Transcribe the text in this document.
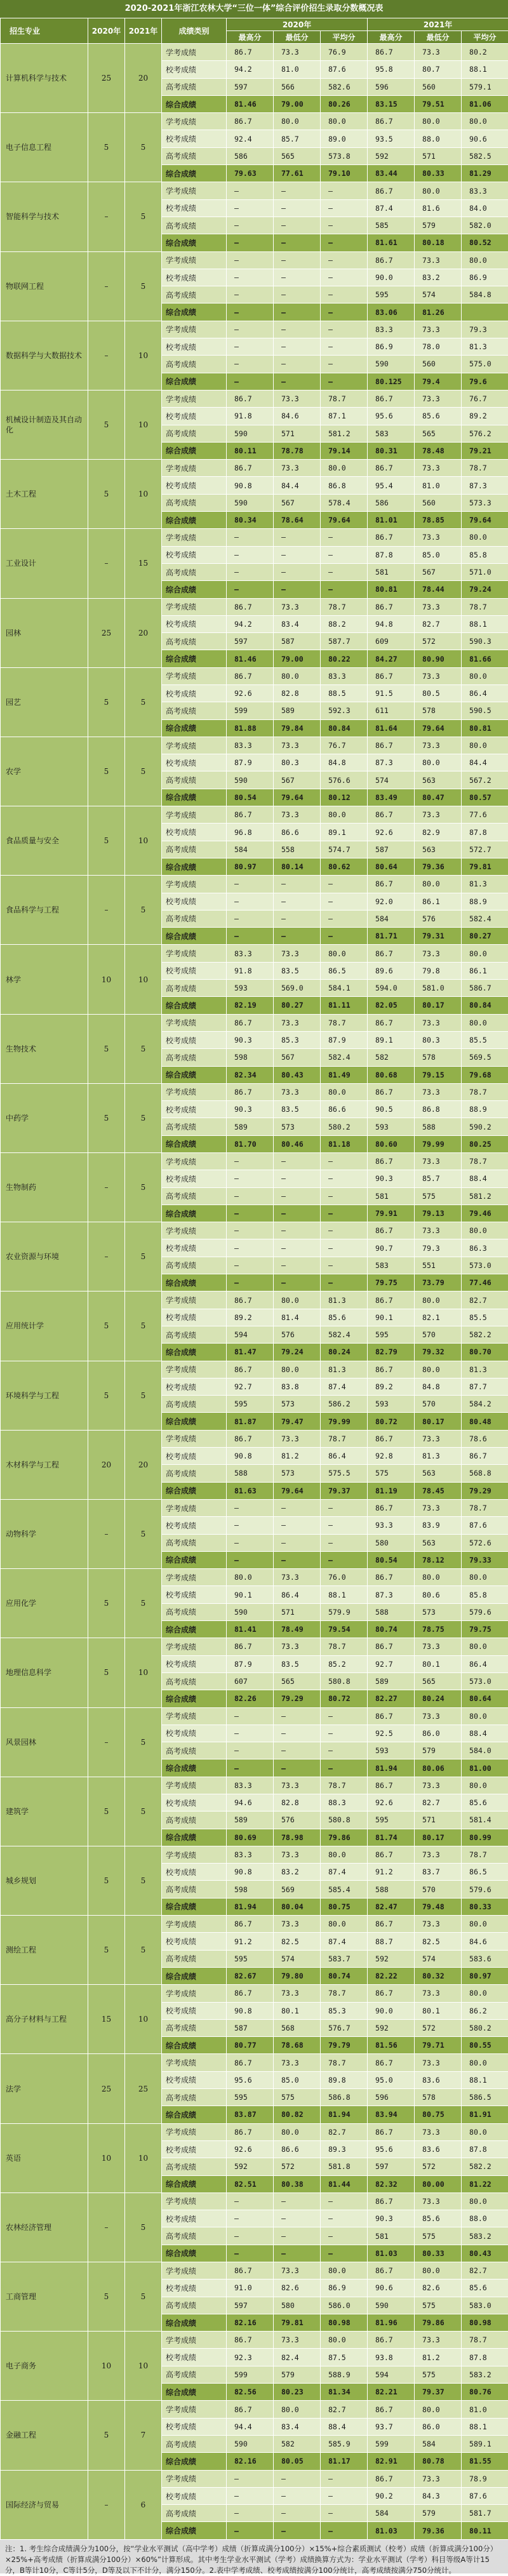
2020-2021年浙江农林大学“三位一体”综合评价招生录取分数概况表
招生专业	2020年	2021年	成绩类别	2020年			2021年		
				最高分	最低分	平均分	最高分	最低分	平均分
计算机科学与技术	25	20	学考成绩	86.7	73.3	76.9	86.7	73.3	80.2
			校考成绩	94.2	81.0	87.6	95.8	80.7	88.1
			高考成绩	597	566	582.6	596	560	579.1
			综合成绩	81.46	79.00	80.26	83.15	79.51	81.06
电子信息工程	5	5	学考成绩	86.7	80.0	80.0	86.7	80.0	80.0
			校考成绩	92.4	85.7	89.0	93.5	88.0	90.6
			高考成绩	586	565	573.8	592	571	582.5
			综合成绩	79.63	77.61	79.10	83.44	80.33	81.29
智能科学与技术	–	5	学考成绩	–	–	–	86.7	80.0	83.3
			校考成绩	–	–	–	87.4	81.6	84.0
			高考成绩	–	–	–	585	579	582.0
			综合成绩	–	–	–	81.61	80.18	80.52
物联网工程	–	5	学考成绩	–	–	–	86.7	73.3	80.0
			校考成绩	–	–	–	90.0	83.2	86.9
			高考成绩	–	–	–	595	574	584.8
			综合成绩	–	–	–	83.06	81.26	
数据科学与大数据技术	–	10	学考成绩	–	–	–	83.3	73.3	79.3
			校考成绩	–	–	–	86.9	78.0	81.3
			高考成绩	–	–	–	590	560	575.0
			综合成绩	–	–	–	80.125	79.4	79.6
机械设计制造及其自动化	5	10	学考成绩	86.7	73.3	78.7	86.7	73.3	76.7
			校考成绩	91.8	84.6	87.1	95.6	85.6	89.2
			高考成绩	590	571	581.2	583	565	576.2
			综合成绩	80.11	78.78	79.14	80.31	78.48	79.21
土木工程	5	10	学考成绩	86.7	73.3	80.0	86.7	73.3	78.7
			校考成绩	90.8	84.4	86.8	95.4	81.0	87.3
			高考成绩	590	567	578.4	586	560	573.3
			综合成绩	80.34	78.64	79.64	81.01	78.85	79.64
工业设计	–	15	学考成绩	–	–	–	86.7	73.3	80.0
			校考成绩	–	–	–	87.8	85.0	85.8
			高考成绩	–	–	–	581	567	571.0
			综合成绩	–	–	–	80.81	78.44	79.24
园林	25	20	学考成绩	86.7	73.3	78.7	86.7	73.3	78.7
			校考成绩	94.2	83.4	88.2	94.8	82.7	88.1
			高考成绩	597	587	587.7	609	572	590.3
			综合成绩	81.46	79.00	80.22	84.27	80.90	81.66
园艺	5	5	学考成绩	86.7	80.0	83.3	86.7	73.3	80.0
			校考成绩	92.6	82.8	88.5	91.5	80.5	86.4
			高考成绩	599	589	592.3	611	578	590.5
			综合成绩	81.88	79.84	80.84	81.64	79.64	80.81
农学	5	5	学考成绩	83.3	73.3	76.7	86.7	73.3	80.0
			校考成绩	87.9	80.3	84.8	87.3	80.0	84.4
			高考成绩	590	567	576.6	574	563	567.2
			综合成绩	80.54	79.64	80.12	83.49	80.47	80.57
食品质量与安全	5	10	学考成绩	86.7	73.3	80.0	86.7	73.3	77.6
			校考成绩	96.8	86.6	89.1	92.6	82.9	87.8
			高考成绩	584	558	574.7	587	563	572.7
			综合成绩	80.97	80.14	80.62	80.64	79.36	79.81
食品科学与工程	–	5	学考成绩	–	–	–	86.7	80.0	81.3
			校考成绩	–	–	–	92.0	86.1	88.9
			高考成绩	–	–	–	584	576	582.4
			综合成绩	–	–	–	81.71	79.31	80.27
林学	10	10	学考成绩	83.3	73.3	80.0	86.7	73.3	80.0
			校考成绩	91.8	83.5	86.5	89.6	79.8	86.1
			高考成绩	593	569.0	584.1	594.0	581.0	586.7
			综合成绩	82.19	80.27	81.11	82.05	80.17	80.84
生物技术	5	5	学考成绩	86.7	73.3	78.7	86.7	73.3	80.0
			校考成绩	90.3	85.3	87.9	89.1	80.3	85.5
			高考成绩	598	567	582.4	582	578	569.5
			综合成绩	82.34	80.43	81.49	80.68	79.15	79.68
中药学	5	5	学考成绩	86.7	73.3	80.0	86.7	73.3	78.7
			校考成绩	90.3	83.5	86.6	90.5	86.8	88.9
			高考成绩	589	573	580.2	593	588	590.2
			综合成绩	81.70	80.46	81.18	80.60	79.99	80.25
生物制药	–	5	学考成绩	–	–	–	86.7	73.3	78.7
			校考成绩	–	–	–	90.3	85.7	88.4
			高考成绩	–	–	–	581	575	581.2
			综合成绩	–	–	–	79.91	79.13	79.46
农业资源与环境	–	5	学考成绩	–	–	–	86.7	73.3	80.0
			校考成绩	–	–	–	90.7	79.3	86.3
			高考成绩	–	–	–	583	551	573.0
			综合成绩	–	–	–	79.75	73.79	77.46
应用统计学	5	5	学考成绩	86.7	80.0	81.3	86.7	80.0	82.7
			校考成绩	89.2	81.4	85.6	90.1	82.1	85.5
			高考成绩	594	576	582.4	595	570	582.2
			综合成绩	81.47	79.24	80.24	82.79	79.32	80.70
环境科学与工程	5	5	学考成绩	86.7	80.0	81.3	86.7	80.0	81.3
			校考成绩	92.7	83.8	87.4	89.2	84.8	87.7
			高考成绩	595	573	586.2	593	570	584.2
			综合成绩	81.87	79.47	79.99	80.72	80.17	80.48
木材科学与工程	20	20	学考成绩	86.7	73.3	78.7	86.7	73.3	78.6
			校考成绩	90.8	81.2	86.4	92.8	81.3	86.7
			高考成绩	588	573	575.5	575	563	568.8
			综合成绩	81.63	79.64	79.37	81.19	78.45	79.29
动物科学	–	5	学考成绩	–	–	–	86.7	73.3	78.7
			校考成绩	–	–	–	93.3	83.9	87.6
			高考成绩	–	–	–	580	563	572.6
			综合成绩	–	–	–	80.54	78.12	79.33
应用化学	5	5	学考成绩	80.0	73.3	76.0	86.7	80.0	80.0
			校考成绩	90.1	86.4	88.1	87.3	80.6	85.8
			高考成绩	590	571	579.9	588	573	579.6
			综合成绩	81.41	78.49	79.54	80.74	78.75	79.75
地理信息科学	5	10	学考成绩	86.7	73.3	78.7	86.7	73.3	80.0
			校考成绩	87.9	83.5	85.2	92.7	80.1	86.4
			高考成绩	607	565	580.8	589	565	573.0
			综合成绩	82.26	79.29	80.72	82.27	80.24	80.64
风景园林	–	5	学考成绩	–	–	–	86.7	73.3	80.0
			校考成绩	–	–	–	92.5	86.0	88.4
			高考成绩	–	–	–	593	579	584.0
			综合成绩	–	–	–	81.94	80.06	81.00
建筑学	5	5	学考成绩	83.3	73.3	78.7	86.7	73.3	80.0
			校考成绩	94.6	82.8	88.3	92.6	82.7	85.6
			高考成绩	589	576	580.8	595	571	581.4
			综合成绩	80.69	78.98	79.86	81.74	80.17	80.99
城乡规划	5	5	学考成绩	83.3	73.3	80.0	86.7	73.3	78.7
			校考成绩	90.8	83.2	87.4	91.2	83.7	86.5
			高考成绩	598	569	585.4	588	570	579.6
			综合成绩	81.94	80.04	80.75	82.47	79.48	80.33
测绘工程	5	5	学考成绩	86.7	73.3	80.0	86.7	73.3	80.0
			校考成绩	91.2	82.5	87.4	88.7	82.5	84.6
			高考成绩	595	574	583.7	592	574	583.6
			综合成绩	82.67	79.80	80.74	82.22	80.32	80.97
高分子材料与工程	15	10	学考成绩	86.7	73.3	78.7	86.7	73.3	80.0
			校考成绩	90.8	80.1	85.3	90.0	80.1	86.2
			高考成绩	587	568	576.7	592	572	580.2
			综合成绩	80.77	78.68	79.79	81.56	79.71	80.55
法学	25	25	学考成绩	86.7	73.3	78.7	86.7	73.3	80.0
			校考成绩	95.6	85.0	89.8	95.0	83.6	88.1
			高考成绩	595	575	586.8	596	578	586.5
			综合成绩	83.87	80.82	81.94	83.94	80.75	81.91
英语	10	10	学考成绩	86.7	80.0	82.7	86.7	73.3	80.0
			校考成绩	92.6	86.6	89.3	95.6	83.6	87.8
			高考成绩	592	572	581.8	597	572	582.2
			综合成绩	82.51	80.38	81.44	82.32	80.00	81.22
农林经济管理	–	5	学考成绩	–	–	–	86.7	73.3	80.0
			校考成绩	–	–	–	90.3	85.6	88.0
			高考成绩	–	–	–	581	575	583.2
			综合成绩	–	–	–	81.03	80.33	80.43
工商管理	5	5	学考成绩	86.7	73.3	80.0	86.7	80.0	82.7
			校考成绩	91.0	82.6	86.9	90.6	82.6	85.6
			高考成绩	597	580	586.0	590	575	583.0
			综合成绩	82.16	79.81	80.98	81.96	79.86	80.98
电子商务	10	10	学考成绩	86.7	73.3	80.0	86.7	73.3	78.7
			校考成绩	92.3	82.4	87.5	93.8	81.2	87.8
			高考成绩	599	579	588.9	594	575	583.2
			综合成绩	82.56	80.23	81.34	82.21	79.37	80.76
金融工程	5	7	学考成绩	86.7	80.0	82.7	86.7	80.0	81.0
			校考成绩	94.4	83.4	88.4	93.7	86.0	88.1
			高考成绩	590	582	585.9	599	584	589.1
			综合成绩	82.16	80.05	81.17	82.91	80.78	81.55
国际经济与贸易	–	6	学考成绩	–	–	–	86.7	73.3	78.9
			校考成绩	–	–	–	90.2	84.3	87.6
			高考成绩	–	–	–	584	579	581.7
			综合成绩	–	–	–	81.03	79.36	80.11
注：1. 考生综合成绩满分为100分，按“学业水平测试（高中学考）成绩（折算成满分100分）×15%+综合素质测试（校考）成绩（折算成满分100分）×25%+高考成绩（折算成满分100分）×60%”计算形成。其中考生学业水平测试（学考）成绩换算方式为：学业水平测试（学考）科目等级A等计15分，B等计10分，C等计5分，D等及以下不计分，满分150分。2.表中学考成绩、校考成绩按满分100分统计，高考成绩按满分750分统计。
